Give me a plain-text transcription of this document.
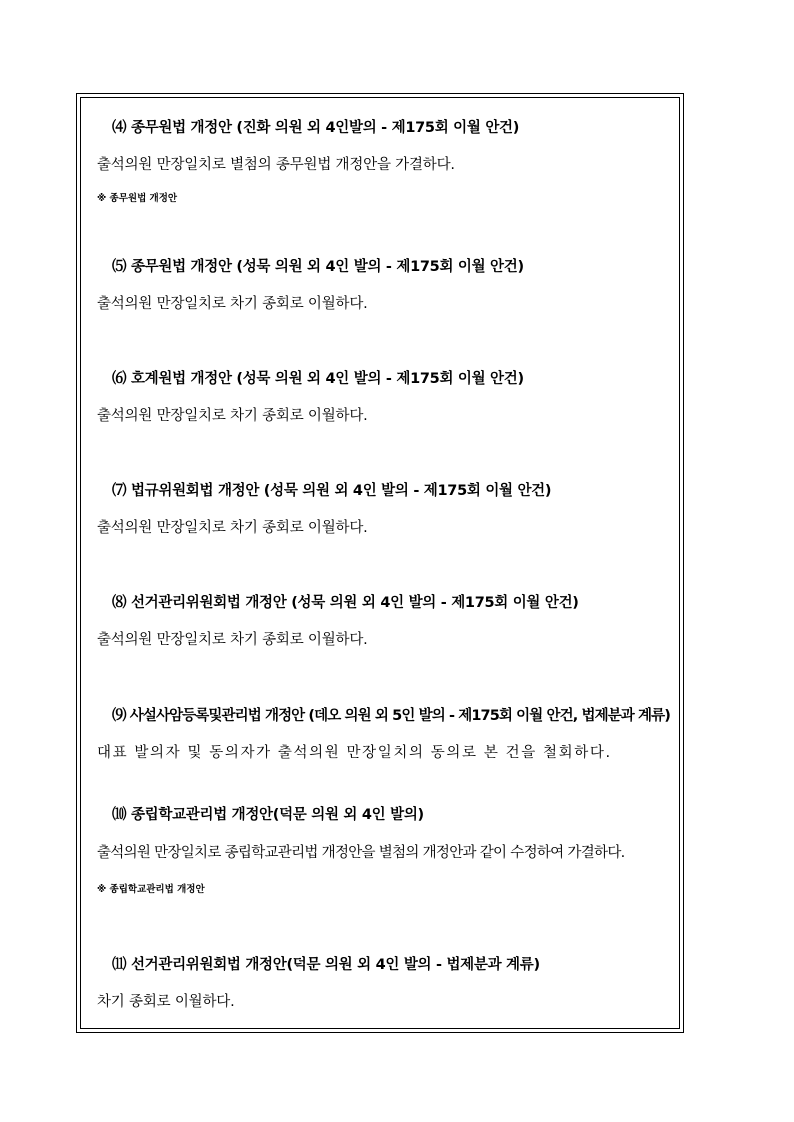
⑷ 종무원법 개정안 (진화 의원 외 4인발의 - 제175회 이월 안건)
출석의원 만장일치로 별첨의 종무원법 개정안을 가결하다.
※ 종무원법 개정안
⑸ 종무원법 개정안 (성묵 의원 외 4인 발의 - 제175회 이월 안건)
출석의원 만장일치로 차기 종회로 이월하다.
⑹ 호계원법 개정안 (성묵 의원 외 4인 발의 - 제175회 이월 안건)
출석의원 만장일치로 차기 종회로 이월하다.
⑺ 법규위원회법 개정안 (성묵 의원 외 4인 발의 - 제175회 이월 안건)
출석의원 만장일치로 차기 종회로 이월하다.
⑻ 선거관리위원회법 개정안 (성묵 의원 외 4인 발의 - 제175회 이월 안건)
출석의원 만장일치로 차기 종회로 이월하다.
⑼ 사설사암등록및관리법 개정안 (데오 의원 외 5인 발의 - 제175회 이월 안건, 법제분과 계류)
대표 발의자 및 동의자가 출석의원 만장일치의 동의로 본 건을 철회하다.
⑽ 종립학교관리법 개정안(덕문 의원 외 4인 발의)
출석의원 만장일치로 종립학교관리법 개정안을 별첨의 개정안과 같이 수정하여 가결하다.
※ 종립학교관리법 개정안
⑾ 선거관리위원회법 개정안(덕문 의원 외 4인 발의 - 법제분과 계류)
차기 종회로 이월하다.
